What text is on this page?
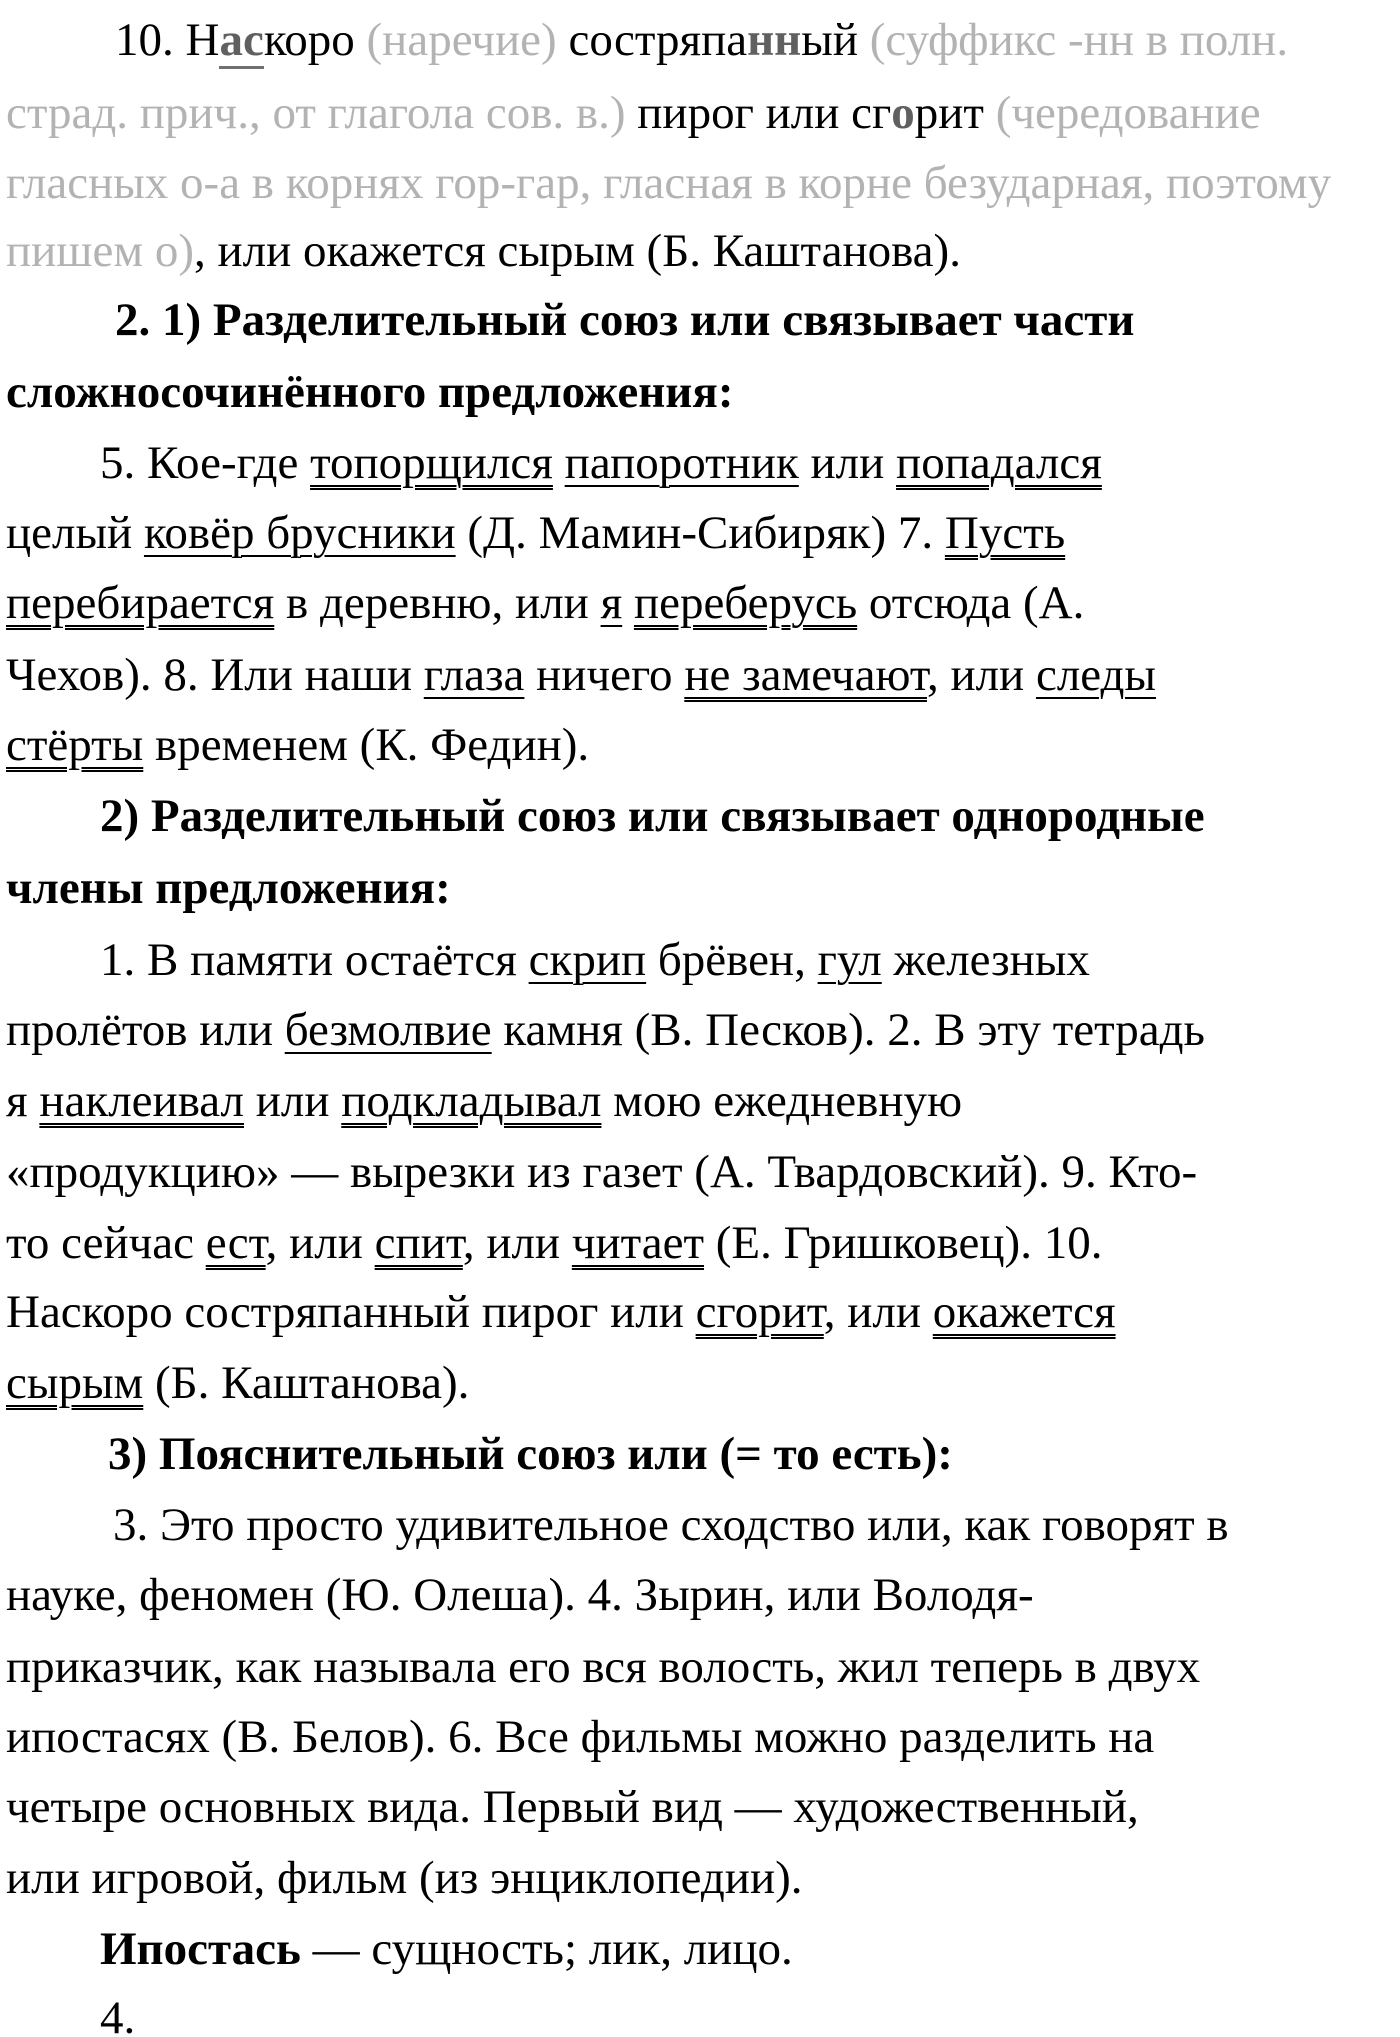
10. Наскоро (наречие) состряпанный (суффикс -нн в полн.
страд. прич., от глагола сов. в.) пирог или сгорит (чередование
гласных о-а в корнях гор-гар, гласная в корне безударная, поэтому
пишем о), или окажется сырым (Б. Каштанова).
2. 1) Разделительный союз или связывает части
сложносочинённого предложения:
5. Кое-где топорщился папоротник или попадался
целый ковёр брусники (Д. Мамин-Сибиряк) 7. Пусть
перебирается в деревню, или я переберусь отсюда (А.
Чехов). 8. Или наши глаза ничего не замечают, или следы
стёрты временем (К. Федин).
2) Разделительный союз или связывает однородные
члены предложения:
1. В памяти остаётся скрип брёвен, гул железных
пролётов или безмолвие камня (В. Песков). 2. В эту тетрадь
я наклеивал или подкладывал мою ежедневную
«продукцию» — вырезки из газет (А. Твардовский). 9. Кто-
то сейчас ест, или спит, или читает (Е. Гришковец). 10.
Наскоро состряпанный пирог или сгорит, или окажется
сырым (Б. Каштанова).
3) Пояснительный союз или (= то есть):
3. Это просто удивительное сходство или, как говорят в
науке, феномен (Ю. Олеша). 4. Зырин, или Володя-
приказчик, как называла его вся волость, жил теперь в двух
ипостасях (В. Белов). 6. Все фильмы можно разделить на
четыре основных вида. Первый вид — художественный,
или игровой, фильм (из энциклопедии).
Ипостась — сущность; лик, лицо.
4.
